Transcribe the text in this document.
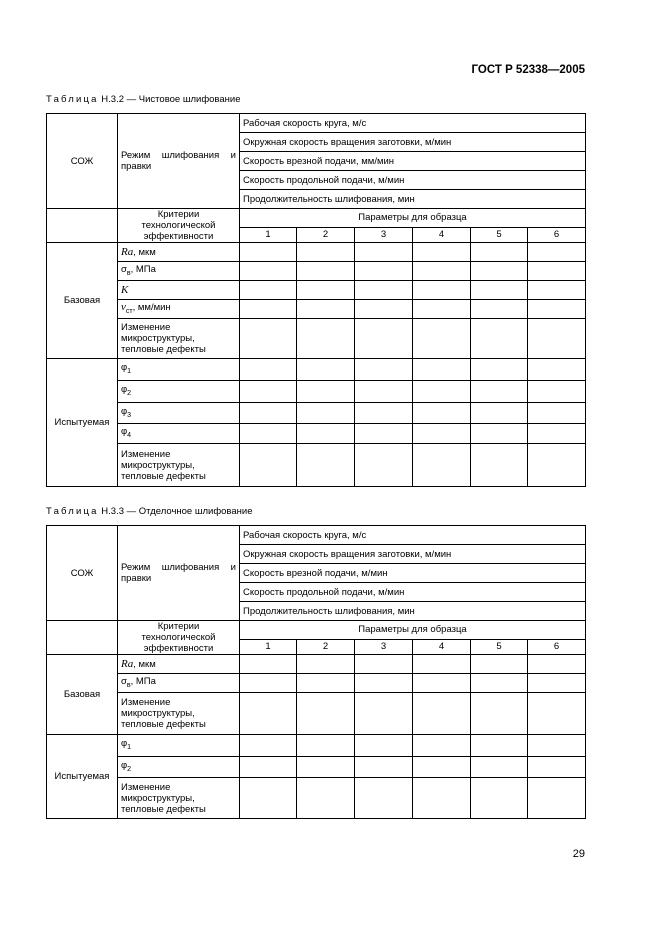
ГОСТ Р 52338—2005
Таблица Н.3.2 — Чистовое шлифование
СОЖ	Режим шлифования и правки	Рабочая скорость круга, м/с					
		Окружная скорость вращения заготовки, м/мин					
		Скорость врезной подачи, мм/мин					
		Скорость продольной подачи, м/мин					
		Продолжительность шлифования, мин					
	Критерии технологической эффективности	Параметры для образца					
		1	2	3	4	5	6
Базовая	Ra, мкм						
	$\sigma_в$, МПа						
	K						
	$v_{ст}$, мм/мин						
	Изменение микроструктуры, тепловые дефекты						
Испытуемая	$\varphi_1$						
	$\varphi_2$						
	$\varphi_3$						
	$\varphi_4$						
	Изменение микроструктуры, тепловые дефекты						
Таблица Н.3.3 — Отделочное шлифование
СОЖ	Режим шлифования и правки	Рабочая скорость круга, м/с					
		Окружная скорость вращения заготовки, м/мин					
		Скорость врезной подачи, м/мин					
		Скорость продольной подачи, м/мин					
		Продолжительность шлифования, мин					
	Критерии технологической эффективности	Параметры для образца					
		1	2	3	4	5	6
Базовая	Ra, мкм						
	$\sigma_в$, МПа						
	Изменение микроструктуры, тепловые дефекты						
Испытуемая	$\varphi_1$						
	$\varphi_2$						
	Изменение микроструктуры, тепловые дефекты						
29
